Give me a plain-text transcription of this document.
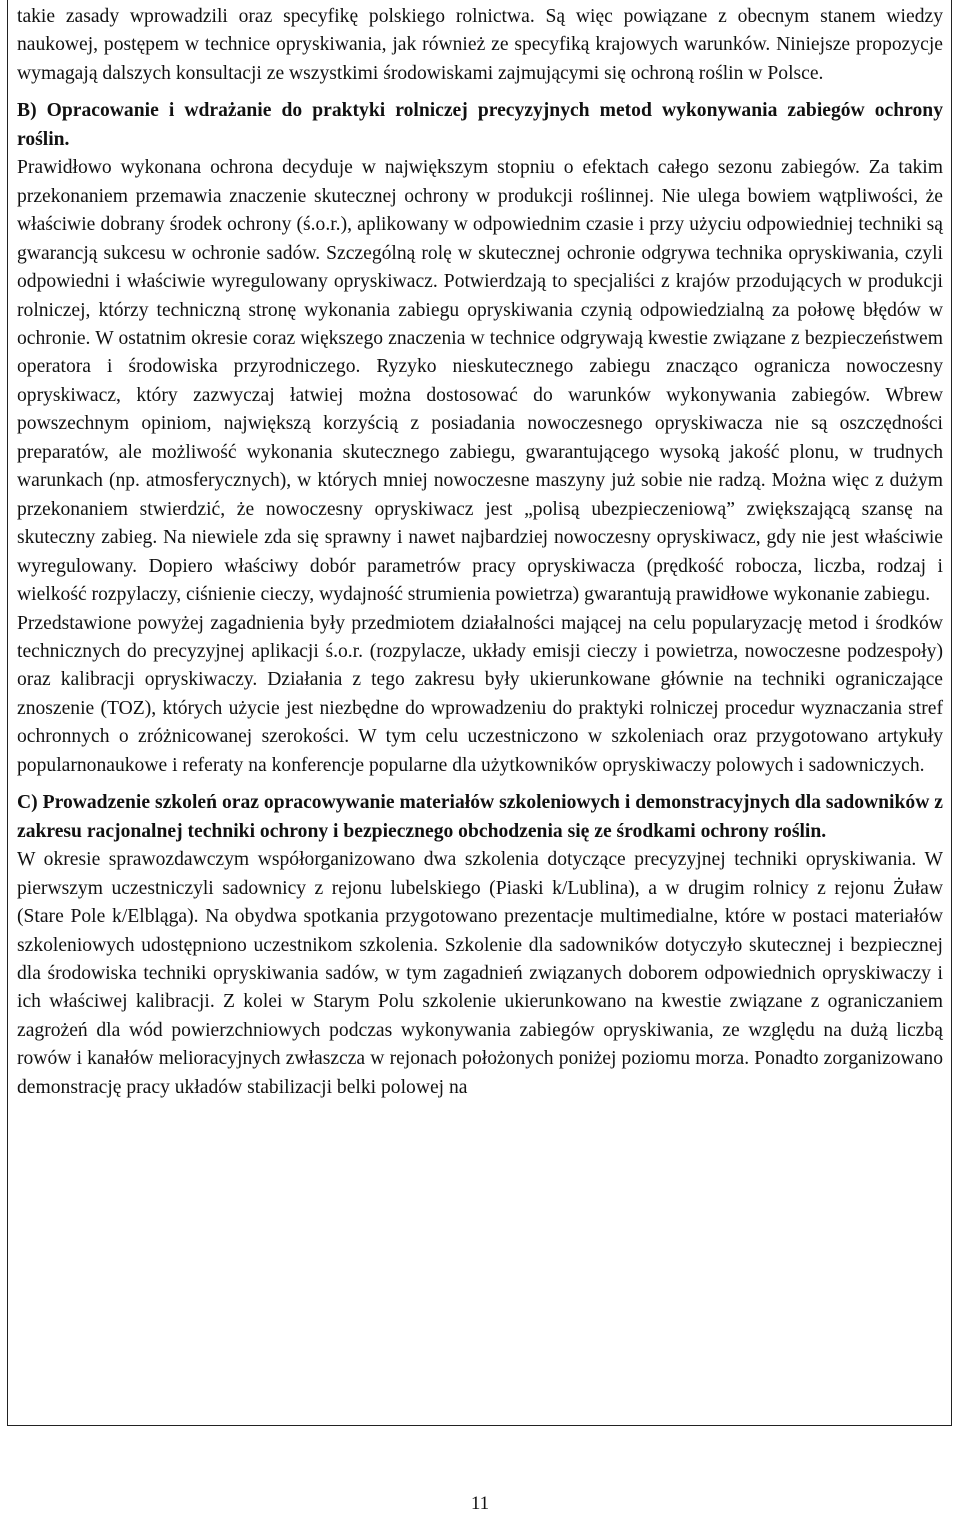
takie zasady wprowadzili oraz specyfikę polskiego rolnictwa. Są więc powiązane z obecnym stanem wiedzy naukowej, postępem w technice opryskiwania, jak również ze specyfiką krajowych warunków. Niniejsze propozycje wymagają dalszych konsultacji ze wszystkimi środowiskami zajmującymi się ochroną roślin w Polsce.

B) Opracowanie i wdrażanie do praktyki rolniczej precyzyjnych metod wykonywania zabiegów ochrony roślin.

Prawidłowo wykonana ochrona decyduje w największym stopniu o efektach całego sezonu zabiegów. Za takim przekonaniem przemawia znaczenie skutecznej ochrony w produkcji roślinnej. Nie ulega bowiem wątpliwości, że właściwie dobrany środek ochrony (ś.o.r.), aplikowany w odpowiednim czasie i przy użyciu odpowiedniej techniki są gwarancją sukcesu w ochronie sadów. Szczególną rolę w skutecznej ochronie odgrywa technika opryskiwania, czyli odpowiedni i właściwie wyregulowany opryskiwacz. Potwierdzają to specjaliści z krajów przodujących w produkcji rolniczej, którzy techniczną stronę wykonania zabiegu opryskiwania czynią odpowiedzialną za połowę błędów w ochronie. W ostatnim okresie coraz większego znaczenia w technice odgrywają kwestie związane z bezpieczeństwem operatora i środowiska przyrodniczego. Ryzyko nieskutecznego zabiegu znacząco ogranicza nowoczesny opryskiwacz, który zazwyczaj łatwiej można dostosować do warunków wykonywania zabiegów. Wbrew powszechnym opiniom, największą korzyścią z posiadania nowoczesnego opryskiwacza nie są oszczędności preparatów, ale możliwość wykonania skutecznego zabiegu, gwarantującego wysoką jakość plonu, w trudnych warunkach (np. atmosferycznych), w których mniej nowoczesne maszyny już sobie nie radzą. Można więc z dużym przekonaniem stwierdzić, że nowoczesny opryskiwacz jest „polisą ubezpieczeniową” zwiększającą szansę na skuteczny zabieg. Na niewiele zda się sprawny i nawet najbardziej nowoczesny opryskiwacz, gdy nie jest właściwie wyregulowany. Dopiero właściwy dobór parametrów pracy opryskiwacza (prędkość robocza, liczba, rodzaj i wielkość rozpylaczy, ciśnienie cieczy, wydajność strumienia powietrza) gwarantują prawidłowe wykonanie zabiegu.

Przedstawione powyżej zagadnienia były przedmiotem działalności mającej na celu popularyzację metod i środków technicznych do precyzyjnej aplikacji ś.o.r. (rozpylacze, układy emisji cieczy i powietrza, nowoczesne podzespoły) oraz kalibracji opryskiwaczy. Działania z tego zakresu były ukierunkowane głównie na techniki ograniczające znoszenie (TOZ), których użycie jest niezbędne do wprowadzeniu do praktyki rolniczej procedur wyznaczania stref ochronnych o zróżnicowanej szerokości. W tym celu uczestniczono w szkoleniach oraz przygotowano artykuły popularnonaukowe i referaty na konferencje popularne dla użytkowników opryskiwaczy polowych i sadowniczych.

C) Prowadzenie szkoleń oraz opracowywanie materiałów szkoleniowych i demonstracyjnych dla sadowników z zakresu racjonalnej techniki ochrony i bezpiecznego obchodzenia się ze środkami ochrony roślin.

W okresie sprawozdawczym współorganizowano dwa szkolenia dotyczące precyzyjnej techniki opryskiwania. W pierwszym uczestniczyli sadownicy z rejonu lubelskiego (Piaski k/Lublina), a w drugim rolnicy z rejonu Żuław (Stare Pole k/Elbląga). Na obydwa spotkania przygotowano prezentacje multimedialne, które w postaci materiałów szkoleniowych udostępniono uczestnikom szkolenia. Szkolenie dla sadowników dotyczyło skutecznej i bezpiecznej dla środowiska techniki opryskiwania sadów, w tym zagadnień związanych doborem odpowiednich opryskiwaczy i ich właściwej kalibracji. Z kolei w Starym Polu szkolenie ukierunkowano na kwestie związane z ograniczaniem zagrożeń dla wód powierzchniowych podczas wykonywania zabiegów opryskiwania, ze względu na dużą liczbą rowów i kanałów melioracyjnych zwłaszcza w rejonach położonych poniżej poziomu morza. Ponadto zorganizowano demonstrację pracy układów stabilizacji belki polowej na

11
